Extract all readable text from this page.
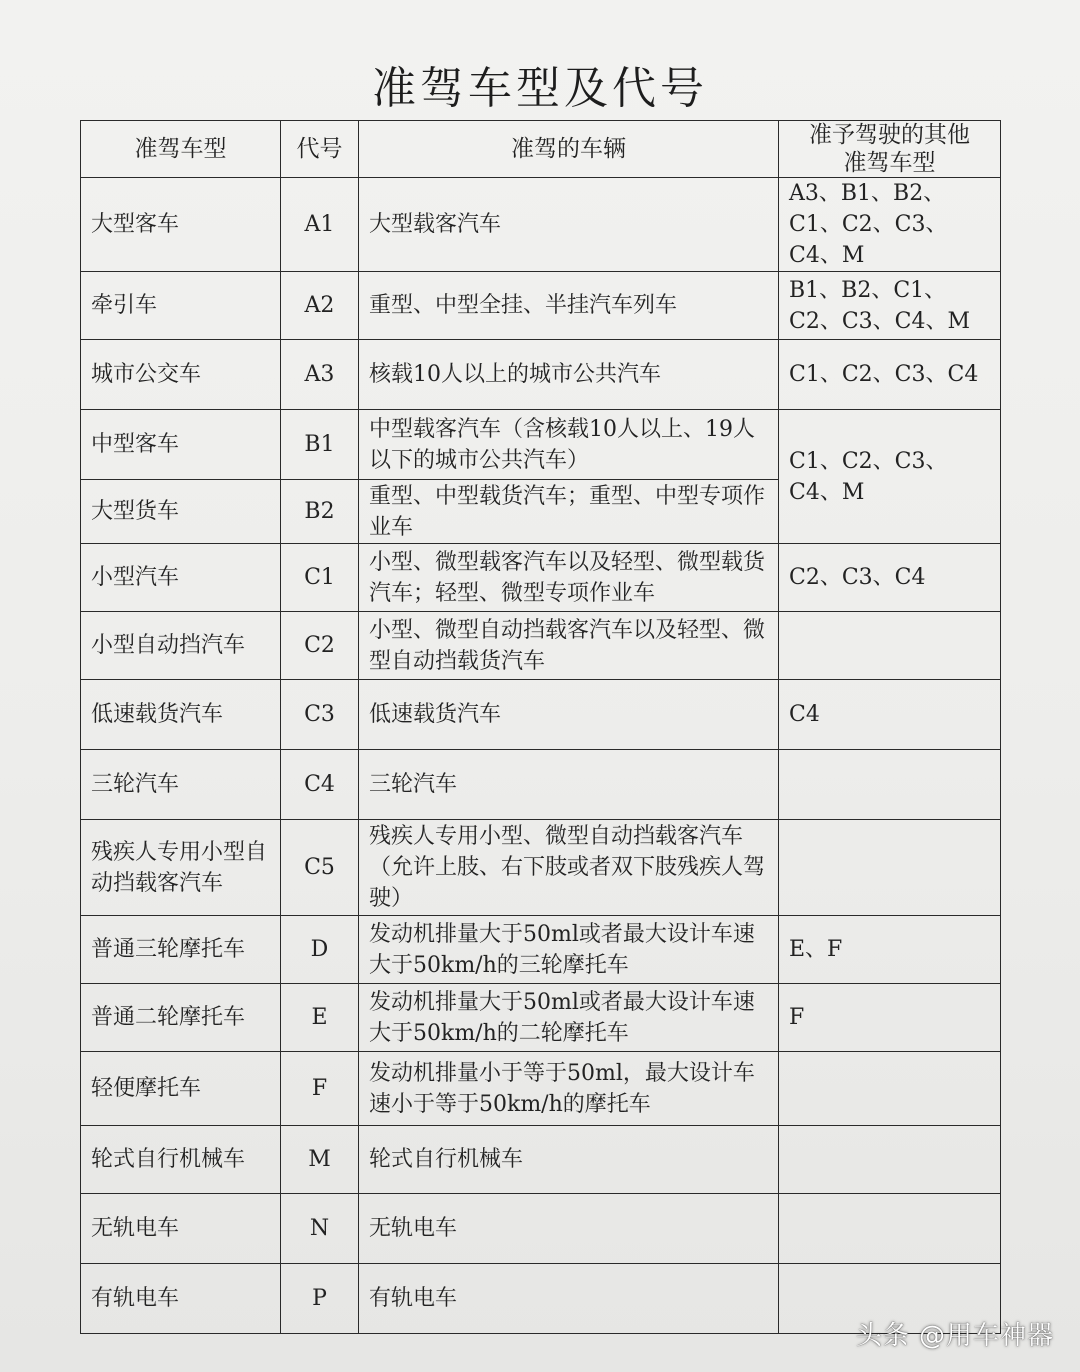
准驾车型及代号
准驾车型	代号	准驾的车辆	准予驾驶的其他
准驾车型
大型客车	A1	大型载客汽车	A3、B1、B2、C1、C2、C3、C4、M
牵引车	A2	重型、中型全挂、半挂汽车列车	B1、B2、C1、C2、C3、C4、M
城市公交车	A3	核载10人以上的城市公共汽车	C1、C2、C3、C4
中型客车	B1	中型载客汽车（含核载10人以上、19人以下的城市公共汽车）	C1、C2、C3、C4、M
大型货车	B2	重型、中型载货汽车；重型、中型专项作业车	
小型汽车	C1	小型、微型载客汽车以及轻型、微型载货汽车；轻型、微型专项作业车	C2、C3、C4
小型自动挡汽车	C2	小型、微型自动挡载客汽车以及轻型、微型自动挡载货汽车	
低速载货汽车	C3	低速载货汽车	C4
三轮汽车	C4	三轮汽车	
残疾人专用小型自动挡载客汽车	C5	残疾人专用小型、微型自动挡载客汽车（允许上肢、右下肢或者双下肢残疾人驾驶）	
普通三轮摩托车	D	发动机排量大于50ml或者最大设计车速大于50km/h的三轮摩托车	E、F
普通二轮摩托车	E	发动机排量大于50ml或者最大设计车速大于50km/h的二轮摩托车	F
轻便摩托车	F	发动机排量小于等于50ml，最大设计车速小于等于50km/h的摩托车	
轮式自行机械车	M	轮式自行机械车	
无轨电车	N	无轨电车	
有轨电车	P	有轨电车	
头条 @用车神器
